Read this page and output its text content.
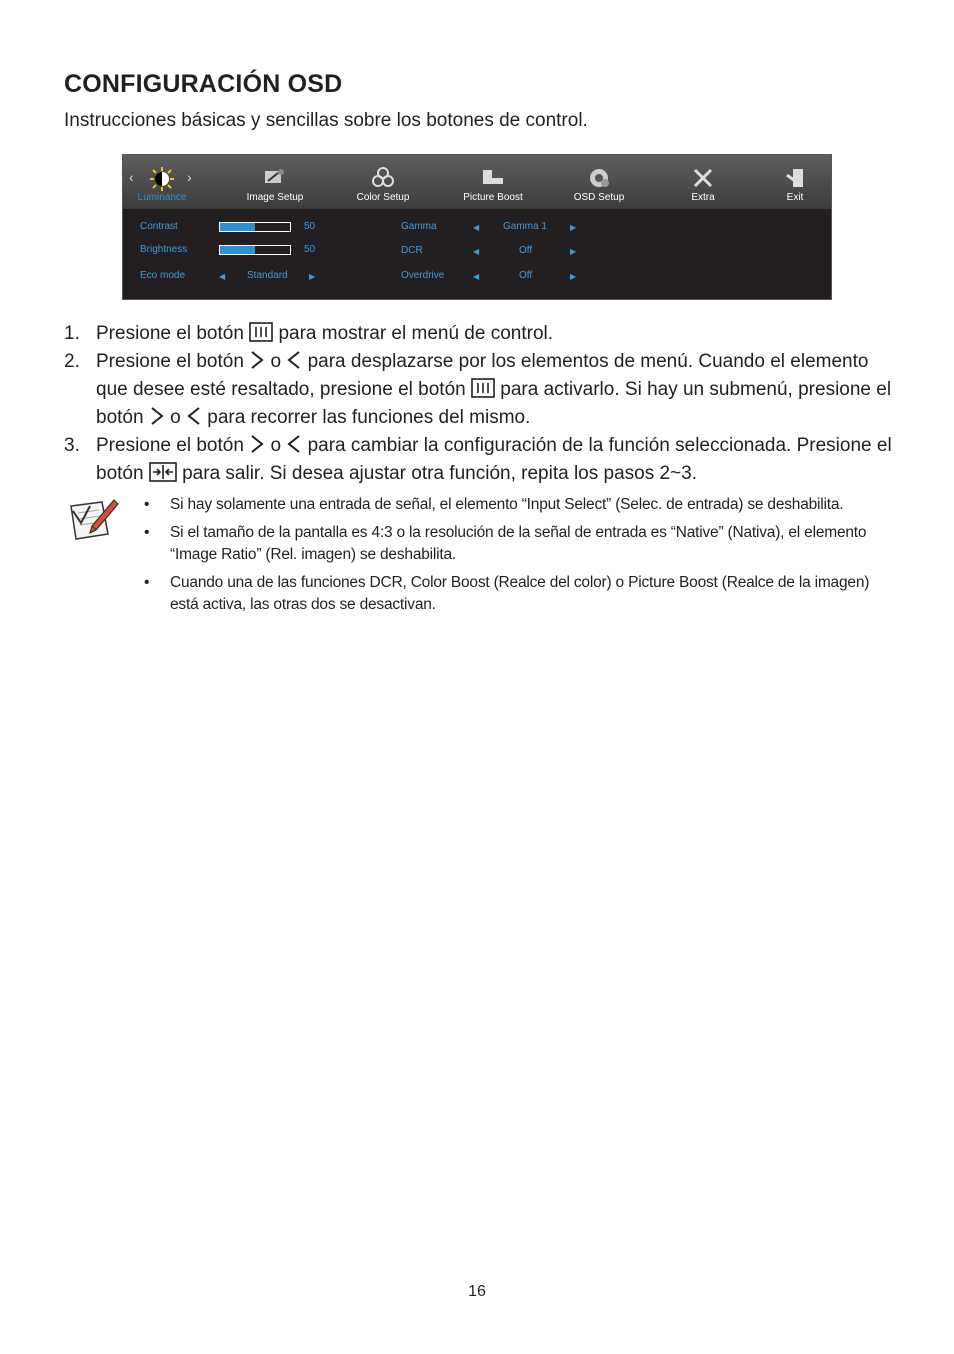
CONFIGURACIÓN OSD
Instrucciones básicas y sencillas sobre los botones de control.
‹
Luminance
›
Image Setup	Color Setup	Picture Boost	OSD Setup	Extra	Exit
Contrast	50
Brightness	50
Eco mode	◀ Standard	▶
Gamma	◀ Gamma 1	▶
DCR	◀	Off	▶
Overdrive	◀	Off	▶
1. Presione el botón para mostrar el menú de control.
2. Presione el botón o para desplazarse por los elementos de menú. Cuando el elemento que desee esté resaltado, presione el botón para activarlo. Si hay un submenú, presione el botón o para recorrer las funciones del mismo.
3. Presione el botón o para cambiar la configuración de la función seleccionada. Presione el botón para salir. Si desea ajustar otra función, repita los pasos 2~3.
• Si hay solamente una entrada de señal, el elemento “Input Select” (Selec. de entrada) se deshabilita.
• Si el tamaño de la pantalla es 4:3 o la resolución de la señal de entrada es “Native” (Nativa), el elemento “Image Ratio” (Rel. imagen) se deshabilita.
• Cuando una de las funciones DCR, Color Boost (Realce del color) o Picture Boost (Realce de la imagen) está activa, las otras dos se desactivan.
16
